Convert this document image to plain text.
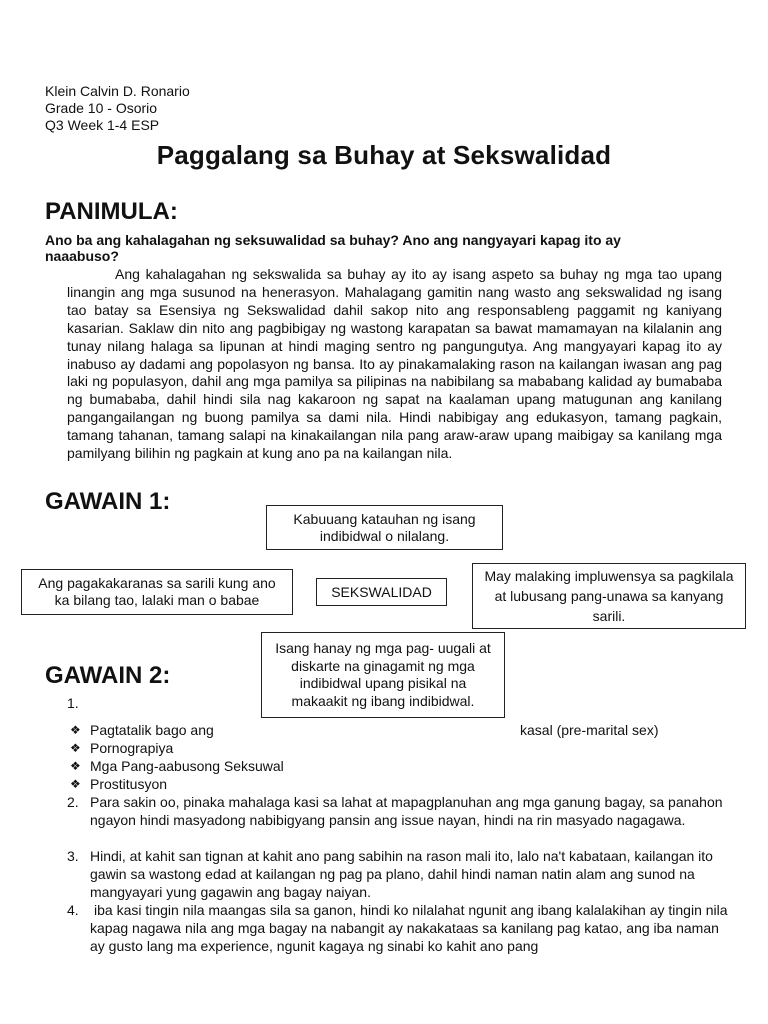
Klein Calvin D. Ronario
Grade 10 - Osorio
Q3 Week 1-4 ESP
Paggalang sa Buhay at Sekswalidad
PANIMULA:
Ano ba ang kahalagahan ng seksuwalidad sa buhay? Ano ang nangyayari kapag ito ay naaabuso?
Ang kahalagahan ng sekswalida sa buhay ay ito ay isang aspeto sa buhay ng mga tao upang linangin ang mga susunod na henerasyon. Mahalagang gamitin nang wasto ang sekswalidad ng isang tao batay sa Esensiya ng Sekswalidad dahil sakop nito ang responsableng paggamit ng kaniyang kasarian. Saklaw din nito ang pagbibigay ng wastong karapatan sa bawat mamamayan na kilalanin ang tunay nilang halaga sa lipunan at hindi maging sentro ng pangungutya. Ang mangyayari kapag ito ay inabuso ay dadami ang popolasyon ng bansa. Ito ay pinakamalaking rason na kailangan iwasan ang pag laki ng populasyon, dahil ang mga pamilya sa pilipinas na nabibilang sa mababang kalidad ay bumababa ng bumababa, dahil hindi sila nag kakaroon ng sapat na kaalaman upang matugunan ang kanilang pangangailangan ng buong pamilya sa dami nila. Hindi nabibigay ang edukasyon, tamang pagkain, tamang tahanan, tamang salapi na kinakailangan nila pang araw-araw upang maibigay sa kanilang mga pamilyang bilihin ng pagkain at kung ano pa na kailangan nila.
GAWAIN 1:
Kabuuang katauhan ng isang indibidwal o nilalang.
Ang pagakakaranas sa sarili kung ano ka bilang tao, lalaki man o babae
SEKSWALIDAD
May malaking impluwensya sa pagkilala at lubusang pang-unawa sa kanyang sarili.
Isang hanay ng mga pag- uugali at diskarte na ginagamit ng mga indibidwal upang pisikal na makaakit ng ibang indibidwal.
GAWAIN 2:
1.
❖ Pagtatalik bago ang	kasal (pre-marital sex)
❖ Pornograpiya
❖ Mga Pang-aabusong Seksuwal
❖ Prostitusyon
2. Para sakin oo, pinaka mahalaga kasi sa lahat at mapagplanuhan ang mga ganung bagay, sa panahon ngayon hindi masyadong nabibigyang pansin ang issue nayan, hindi na rin masyado nagagawa.
3. Hindi, at kahit san tignan at kahit ano pang sabihin na rason mali ito, lalo na't kabataan, kailangan ito gawin sa wastong edad at kailangan ng pag pa plano, dahil hindi naman natin alam ang sunod na mangyayari yung gagawin ang bagay naiyan.
4.	iba kasi tingin nila maangas sila sa ganon, hindi ko nilalahat ngunit ang ibang kalalakihan ay tingin nila kapag nagawa nila ang mga bagay na nabangit ay nakakataas sa kanilang pag katao, ang iba naman ay gusto lang ma experience, ngunit kagaya ng sinabi ko kahit ano pang
